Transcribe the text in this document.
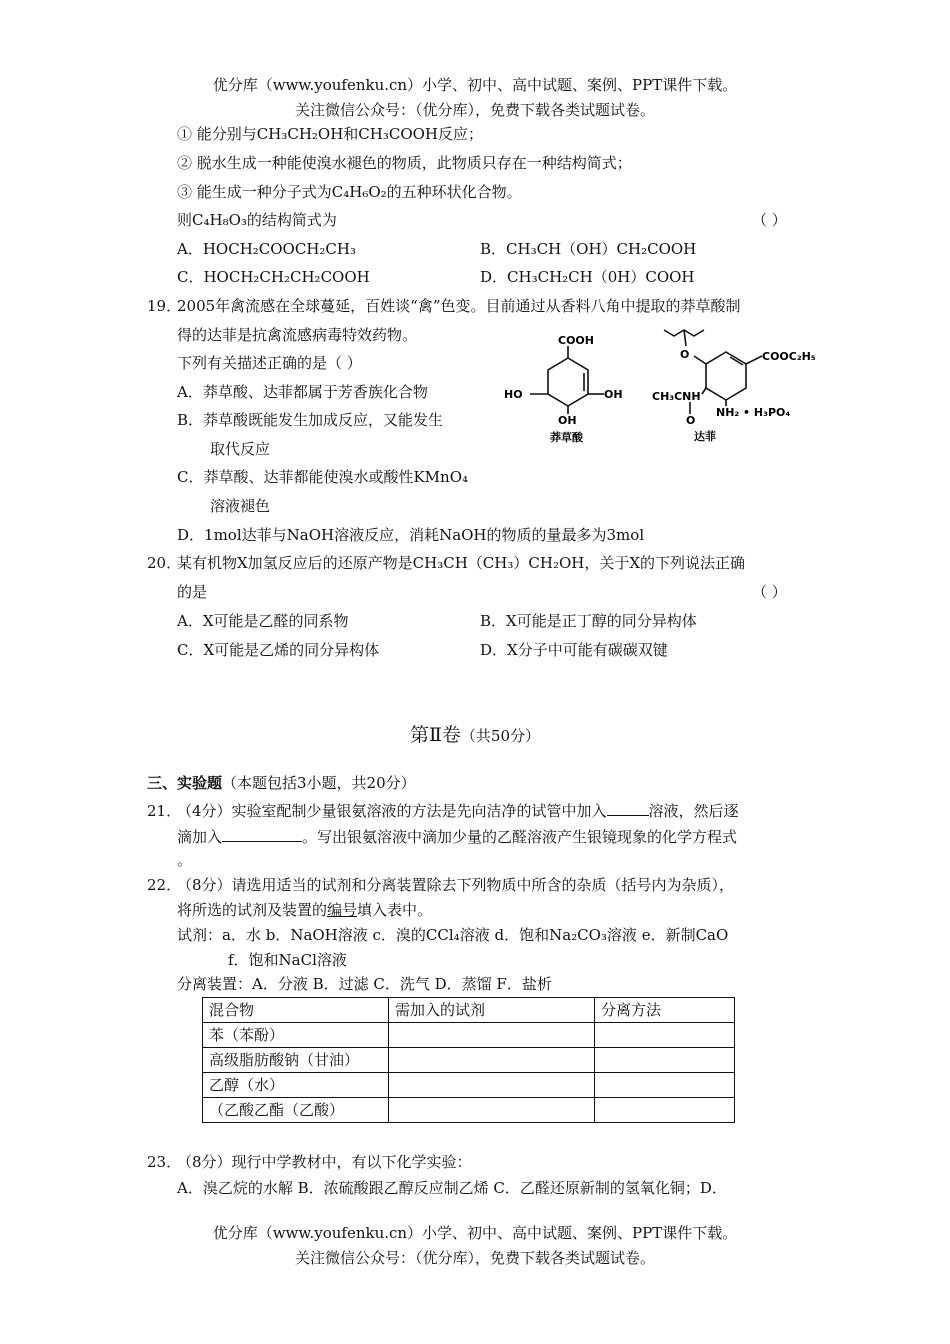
优分库（www.youfenku.cn）小学、初中、高中试题、案例、PPT课件下载。
关注微信公众号：（优分库），免费下载各类试题试卷。
① 能分别与CH₃CH₂OH和CH₃COOH反应；
② 脱水生成一种能使溴水褪色的物质，此物质只存在一种结构简式；
③ 能生成一种分子式为C₄H₆O₂的五种环状化合物。
则C₄H₈O₃的结构简式为	（ ）
A．HOCH₂COOCH₂CH₃	B．CH₃CH（OH）CH₂COOH
C．HOCH₂CH₂CH₂COOH	D．CH₃CH₂CH（0H）COOH
19．2005年禽流感在全球蔓延，百姓谈“禽”色变。目前通过从香料八角中提取的莽草酸制
得的达菲是抗禽流感病毒特效药物。
下列有关描述正确的是（ ）
A．莽草酸、达菲都属于芳香族化合物
B．莽草酸既能发生加成反应，又能发生
取代反应
C．莽草酸、达菲都能使溴水或酸性KMnO₄
溶液褪色
D．1mol达菲与NaOH溶液反应，消耗NaOH的物质的量最多为3mol
COOH
HO	OH
OH
莽草酸
O	COOC₂H₅
CH₃CNH
O
NH₂ • H₃PO₄
达菲
20．某有机物X加氢反应后的还原产物是CH₃CH（CH₃）CH₂OH，关于X的下列说法正确
的是	（ ）
A．X可能是乙醛的同系物	B．X可能是正丁醇的同分异构体
C．X可能是乙烯的同分异构体	D．X分子中可能有碳碳双键
第Ⅱ卷（共50分）
三、实验题（本题包括3小题，共20分）
21．（4分）实验室配制少量银氨溶液的方法是先向洁净的试管中加入	溶液，然后逐
滴加入	。写出银氨溶液中滴加少量的乙醛溶液产生银镜现象的化学方程式
。
22．（8分）请选用适当的试剂和分离装置除去下列物质中所含的杂质（括号内为杂质），
将所选的试剂及装置的编号填入表中。
试剂：a．水 b．NaOH溶液 c．溴的CCl₄溶液 d．饱和Na₂CO₃溶液 e．新制CaO
f．饱和NaCl溶液
分离装置：A．分液 B．过滤 C．洗气 D．蒸馏 F．盐析
混合物	需加入的试剂	分离方法
苯（苯酚）		
高级脂肪酸钠（甘油）		
乙醇（水）		
（乙酸乙酯（乙酸）		
23．（8分）现行中学教材中，有以下化学实验：
A．溴乙烷的水解 B．浓硫酸跟乙醇反应制乙烯 C．乙醛还原新制的氢氧化铜；D．
优分库（www.youfenku.cn）小学、初中、高中试题、案例、PPT课件下载。
关注微信公众号：（优分库），免费下载各类试题试卷。
